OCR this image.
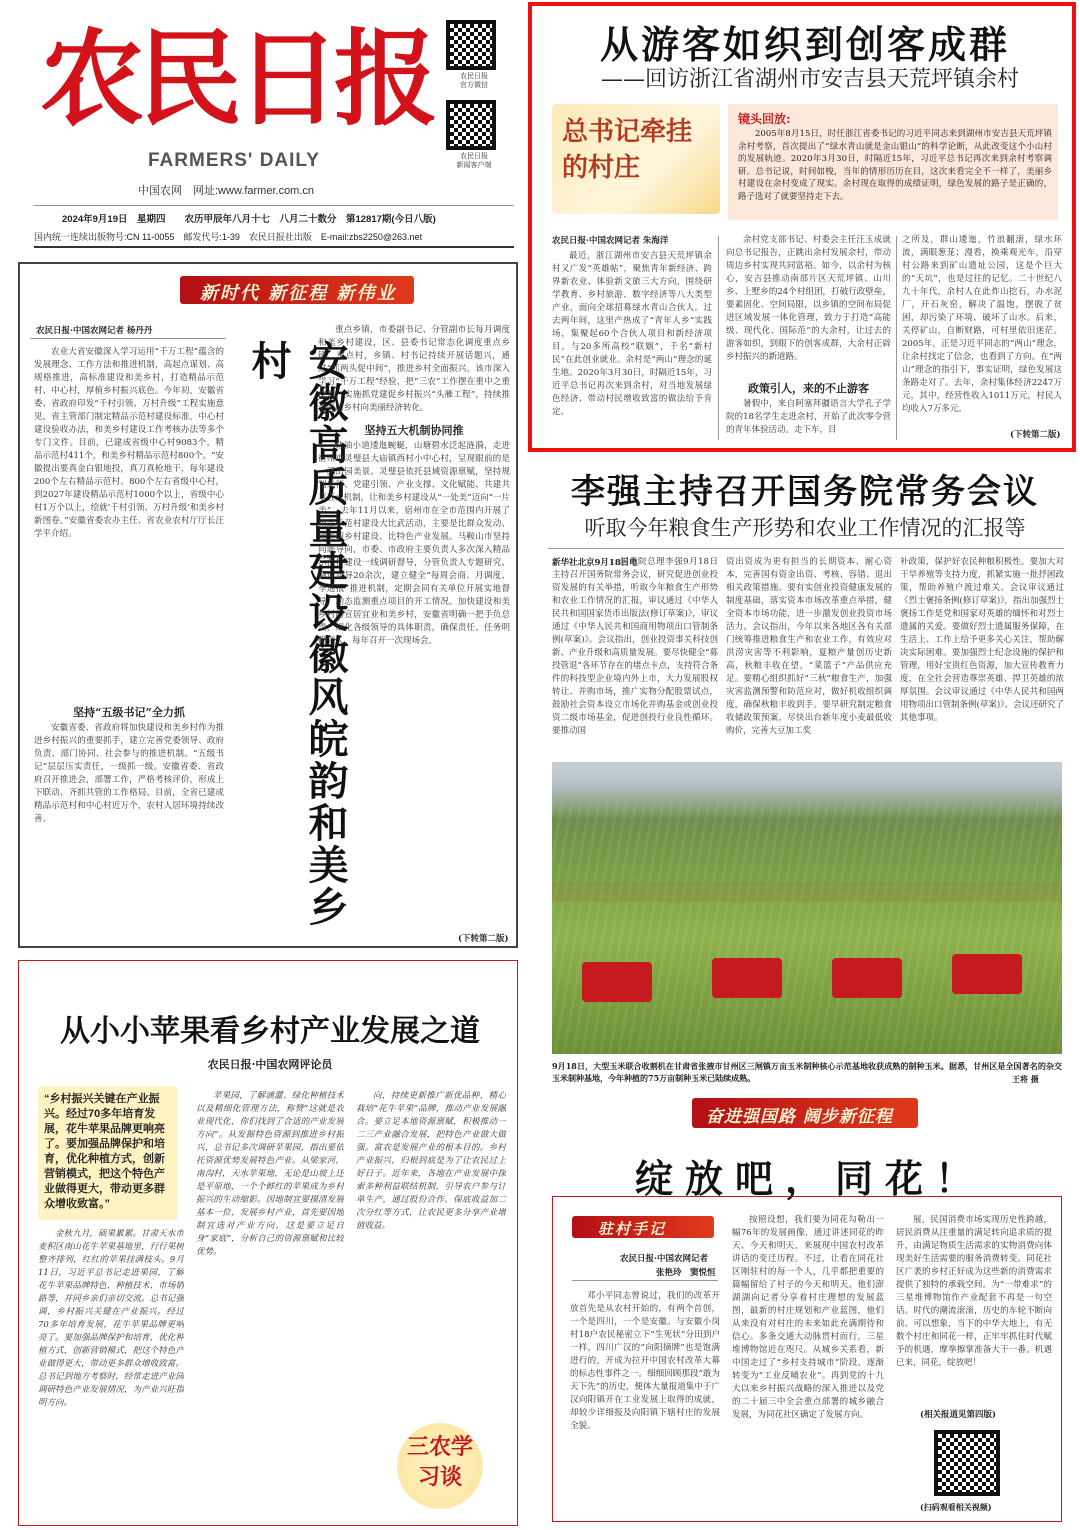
农民日报
FARMERS' DAILY
中国农网　网址:www.farmer.com.cn
农民日报
官方微信
农民日报
新闻客户端
2024年9月19日　星期四　　农历甲辰年八月十七　八月二十数分　第12817期(今日八版)
国内统一连续出版物号:CN 11-0055　邮发代号:1-39　农民日报社出版　E-mail:zbs2250@263.net
从游客如织到创客成群
——回访浙江省湖州市安吉县天荒坪镇余村
总书记牵挂的村庄
镜头回放:
2005年8月15日，时任浙江省委书记的习近平同志来到湖州市安吉县天荒坪镇余村考察，首次提出了“绿水青山就是金山银山”的科学论断，从此改变这个小山村的发展轨迹。2020年3月30日，时隔近15年，习近平总书记再次来到余村考察调研。总书记说，时间如梭，当年的情形历历在目，这次来看完全不一样了，美丽乡村建设在余村变成了现实。余村现在取得的成绩证明，绿色发展的路子是正确的，路子选对了就要坚持走下去。
农民日报·中国农网记者 朱海洋
最近，浙江湖州市安吉县天荒坪镇余村又广发“英雄帖”，聚焦青年新经济、跨界新农业、体验新文旅三大方向，围绕研学教育、乡村旅游、数字经济等八大类型产业，面向全球招募绿水青山合伙人。过去两年间，这里产热成了“青年人乡”实践场，集聚起60个合伙人项目和新经济项目，与20多所高校“联姻”，千名“新村民”在此创业就业。余村是“两山”理念的诞生地。2020年3月30日，时隔近15年，习近平总书记再次来到余村，对当地发展绿色经济、带动村民增收致富的做法给予肯定。
余村党支部书记、村委会主任汪玉成就向总书记报告，正跳出余村发展余村，带动周边乡村实现共同富裕。如今，以余村为核心，安吉县推动南部片区天荒坪镇、山川乡、上墅乡的24个村组团，打破行政壁垒，要素固化、空间局限，以乡镇的空间布局促进区域发展一体化管理，致力于打造“高能级、现代化、国际范”的大余村，让过去的游客如织，到眼下的创客成群，大余村正辟乡村振兴的新道路。
政策引人，来的不止游客
暑假中，来自阿塞拜疆语言大学孔子学院的18名学生走进余村，开始了此次零令营的青年体验活动。走下车，目
之所及，群山逶迤，竹浪翻滚，绿水环流，满眼葱茏；漫看，换乘观光车，沿穿村公路来到矿山遗址公园，这是个巨大的“天坑”，也是过往的记忆。二十世纪八九十年代，余村人在此炸山挖石，办水泥厂，开石灰窑，解决了温饱，摆脱了贫困，却污染了环境、破坏了山水。后来，关停矿山，自断财路，可村里依旧迷茫。2005年，正是习近平同志的“两山”理念，让余村找定了信念，也看到了方向。在“两山”理念的指引下，事实证明，绿色发展这条路走对了。去年，余村集体经济2247万元，其中，经营性收入1011万元，村民人均收入7万多元。
(下转第二版)
新时代 新征程 新伟业
农民日报·中国农网记者 杨丹丹
农业大省安徽深入学习运用“千万工程”蕴含的发展理念、工作方法和推进机制，高起点谋划、高规格推进，高标准建设和美乡村，打造精品示范村、中心村，厚植乡村振兴底色。今年初，安徽省委、省政府印发“千村引领、万村升级”工程实施意见，省主管部门制定精品示范村建设标准，中心村建设验收办法，和美乡村建设工作考核办法等多个专门文件。目前，已建成省级中心村9083个，精品示范村411个，和美乡村精品示范村800个。“安徽提出要真金白银地投，真刀真枪地干，每年建设200个左右精品示范村、800个左右省级中心村，到2027年建设精品示范村1000个以上，省级中心村1万个以上，绘就‘千村引领、万村升级’和美乡村新图卷。”安徽省委农办主任、省农业农村厅厅长汪学平介绍。
坚持“五级书记”全力抓
安徽省委、省政府将加快建设和美乡村作为推进乡村振兴的重要抓手，建立完善党委领导、政府负责、部门协同、社会参与的推进机制。“五级书记”层层压实责任，一级抓一级。安徽省委、省政府召开推进会，部署工作，严格考核评价，形成上下联动、齐抓共管的工作格局。目前，全省已建成精品示范村和中心村近万个，农村人居环境持续改善。	安徽高质量建设徽风皖韵和美乡村
重点乡镇，市委副书记、分管副市长每月调度和美乡村建设，区、县委书记常态化调度重点乡镇、重点村，乡镇、村书记持续开展话题兴，通过“抓两头促中间”，推进乡村全面振兴。该市深入学习“千万工程”经验，把“三农”工作摆在重中之重位置，实施抓党建促乡村振兴“头雁工程”，持续推动美丽乡村向美丽经济转化。
坚持五大机制协同推
枯油小道逶迤蜿蜒，山塘碧水泛起涟漪，走进宿州市灵璧县大庙镇西村小中心村，呈现眼前的是一派田园美景。灵璧县依托县域资源禀赋，坚持规划先行、党建引领、产业支撑、文化赋能、共建共享五大机制，让和美乡村建设从“一处美”迈向“一片美”。去年11月以来，宿州市在全市范围内开展了精品示范村建设大比武活动，主要是比群众发动、比美丽乡村建设、比特色产业发展。马鞍山市坚持问题导向，市委、市政府主要负责人多次深入精品示范村建设一线调研督导，分管负责人专题研究、调度督导20余次，建立健全“每周会商、月调度、季通报”推进机制，定期会同有关单位开展实地督导，动态监测重点项目的开工情况。加快建设和美乡村的宣居宜业和美乡村，安徽省明确一把手负总责，细化各级领导的具体职责，确保责任、任务明确到人，每年召开一次现场会。
(下转第二版)
李强主持召开国务院常务会议
听取今年粮食生产形势和农业工作情况的汇报等
新华社北京9月18日电
国务院总理李强9月18日主持召开国务院常务会议，研究促进创业投资发展的有关举措，听取今年粮食生产形势和农业工作情况的汇报，审议通过《中华人民共和国国家货币出版法(修订草案)》，审议通过《中华人民共和国商用物项出口管制条例(草案)》。会议指出，创业投资事关科技创新、产业升级和高质量发展。要尽快健全“募投管退”各环节存在的堵点卡点，支持符合条件的科技型企业境内外上市，大力发展股权转让、并购市场，推广实物分配股票试点，鼓励社会资本设立市场化并购基金或创业投资二级市场基金，促进创投行业良性循环。要推动国
资出资成为更有担当的长期资本、耐心资本，完善国有资金出资、考核、容错、退出相关政策措施。要有实创业投资健康发展的制度基础，落实资本市场改革重点举措，健全资本市场功能，进一步激发创业投资市场活力。会议指出，今年以来各地区各有关部门统筹推进粮食生产和农业工作，有效应对洪涝灾害等不利影响，夏粮产量创历史新高，秋粮丰收在望，“菜篮子”产品供应充足。要精心组织抓好“三秋”粮食生产，加强灾害监测预警和防范应对，做好机收组织调度，确保秋粮丰收到手。要早研究制定粮食收储政策预案，尽快出台新年度小麦最低收购价，完善大豆加工奖
补政策，保护好农民种粮积极性。要加大对干旱养殖等支持力度，抓紧实施一批抒困政策，帮助养殖户渡过难关。会议审议通过《烈士褒扬条例(修订草案)》，指出加强烈士褒扬工作是党和国家对英雄的缅怀和对烈士遗属的关爱。要做好烈士遗属服务保障，在生活上、工作上给予更多关心关注，帮助解决实际困难。要加强烈士纪念设施的保护和管理，用好宝贵红色资源，加大宣传教育力度，在全社会营造尊崇英雄、捍卫英雄的浓厚氛围。会议审议通过《中华人民共和国两用物项出口管制条例(草案)》。会议还研究了其他事项。
9月18日，大型玉米联合收割机在甘肃省张掖市甘州区三闸镇万亩玉米制种核心示范基地收获成熟的制种玉米。据悉，甘州区是全国著名的杂交玉米制种基地，今年种植的75万亩制种玉米已陆续成熟。	王将 摄
从小小苹果看乡村产业发展之道
农民日报·中国农网评论员
“乡村振兴关键在产业振兴。经过70多年培育发展，花牛苹果品牌更响亮了。要加强品牌保护和培育，优化种植方式，创新营销模式，把这个特色产业做得更大，带动更多群众增收致富。”
金秋九月，硕果累累。甘肃天水市麦积区南山花牛苹果基地里，行行果树整齐排列，红红的苹果挂满枝头。9月11日，习近平总书记走进果园，了解花牛苹果品牌特色、种植技术、市场销路等，并同乡亲们亲切交流。总书记强调，乡村振兴关键在产业振兴。经过70多年培育发展，花牛苹果品牌更响亮了。要加强品牌保护和培育，优化种植方式，创新营销模式，把这个特色产业做得更大，带动更多群众增收致富。总书记到地方考察时，经常走进产业园调研特色产业发展情况，为产业兴旺指明方向。
苹果园，了解滴灌、绿化种植技术以及精细化管理方法，称赞“这就是农业现代化，你们找到了合适的产业发展方向”。从发掘特色资源到推进乡村振兴，总书记多次调研苹果园，指出要依托资源优势发展特色产业。从梁家河，南沟村，天水苹果地，无论是山坡上还是平原地，一个个鲜红的苹果成为乡村振兴的生动缩影。因地制宜要摸清发展基本一位，发展乡村产业，首先要因地制宜选对产业方向，这是要立足自身“家底”，分析自己的资源禀赋和比较优势。
向，持续更新推广新优品种，精心栽培“花牛苹果”品牌，推动产业发展融合。要立足本地资源禀赋，积极推动一二三产业融合发展，把特色产业做大做强。富农是发展产业的根本目的。乡村产业振兴，归根到底是为了让农民过上好日子。近年来，各地在产业发展中探索多种利益联结机制，引导农户参与订单生产，通过股份合作、保底收益加二次分红等方式，让农民更多分享产业增值收益。
三农学习谈
奋进强国路 阔步新征程
绽放吧，同花！
驻村手记
农民日报·中国农网记者
张艳玲　窦悦恒
邓小平同志曾说过，我们的改革开放首先是从农村开始的，有两个首创，一个是四川，一个是安徽。与安徽小岗村18户农民秘密立下“生死状”分田到户一样，四川广汉的“向阳摘牌”也是饱满进行的，开成为拉开中国农村改革大幕的标志性事件之一。细细回顾那段“敢为天下先”的历史，便体大量报道集中于广汉向阳镇开在工业发展上取得的成就，却较少详细报及向阳镇下辖村庄的发展全貌。
按照设想，我们要为同花勾勒出一幅76年的发展画像，通过讲述同花的昨天、今天和明天，来展现中国农村改革讲话的变迁历程。不过，让看在同花社区刚驻村的每一个人，几乎都把重要的篇幅留给了村子的今天和明天。他们澎湖湖向记者分享着村庄理想的发展蓝图，最新的村庄规划和产业蓝图，他们从来没有对村庄的未来如此充满期待和信心。多条交通大动脉贯村而行，三星堆博物馆近在咫尺。从城乡关系看，新中国走过了“乡村支持城市”阶段，逐渐转变为“工业反哺农业”。再到党的十九大以来乡村振兴战略的深入推进以及党的二十届三中全会重点部署的城乡融合发展，为同花社区确定了发展方向。
展，民国消费市场实现历史性跨越，居民消费从注重量的满足转向追求质的提升，由满足物质生活需求的实物消费向体现美好生活需要的服务消费转变。同花社区广袤的乡村正好成为这些新的消费需求提供了独特的承载空间。为“一带难求”的三星堆博物馆作产业配套不再是一句空话。时代的潮流滚滚，历史的车轮不断向前。可以想象，当下的中华大地上，有无数个村庄和同花一样，正牢牢抓住时代赋予的机遇，摩拳擦掌准备大干一番。机遇已来，同花，绽放吧！
(相关报道见第四版)
(扫码观看相关视频)
